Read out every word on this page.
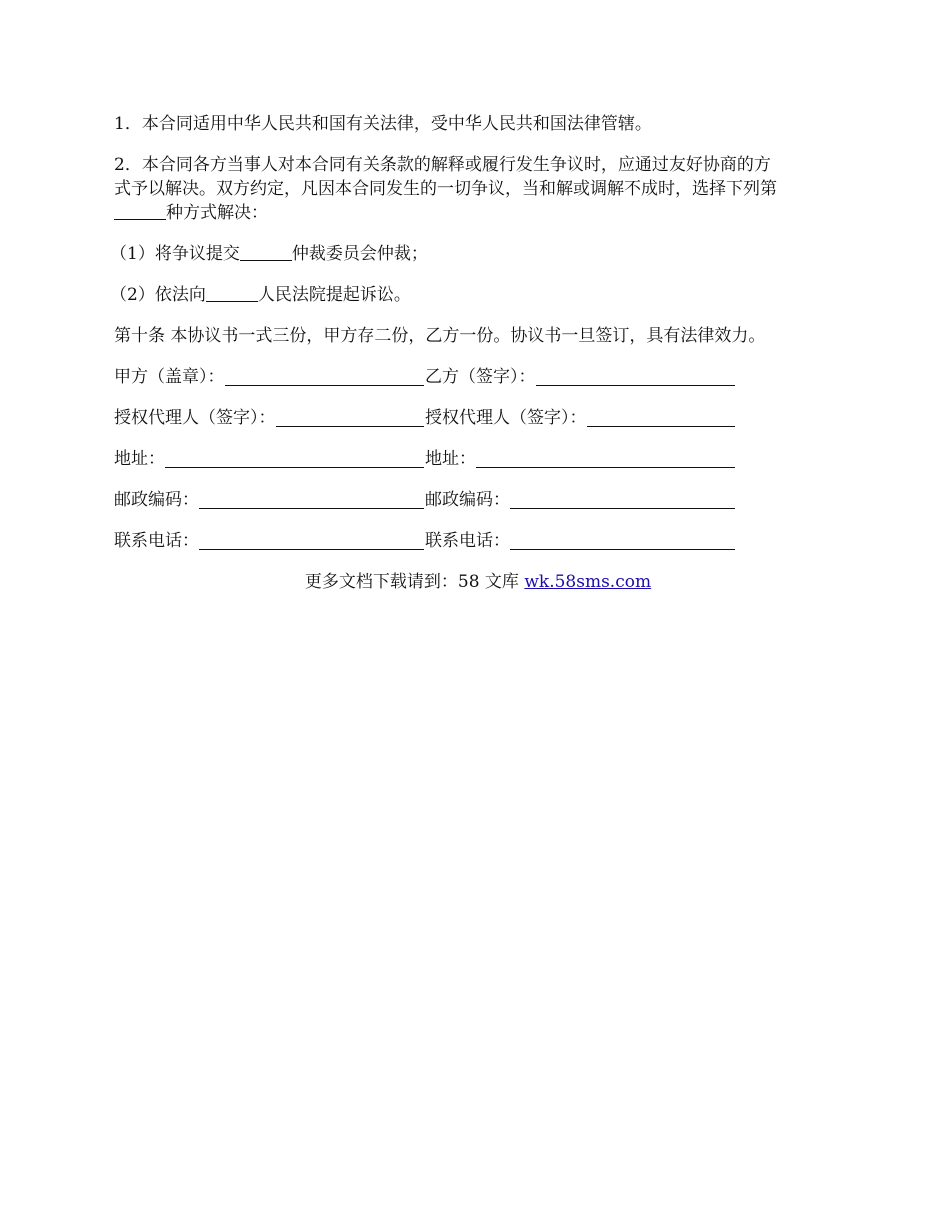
1．本合同适用中华人民共和国有关法律，受中华人民共和国法律管辖。

2．本合同各方当事人对本合同有关条款的解释或履行发生争议时，应通过友好协商的方
式予以解决。双方约定，凡因本合同发生的一切争议，当和解或调解不成时，选择下列第
种方式解决：

（1）将争议提交	仲裁委员会仲裁；

（2）依法向	人民法院提起诉讼。

第十条 本协议书一式三份，甲方存二份，乙方一份。协议书一旦签订，具有法律效力。

甲方（盖章）：	乙方（签字）：
授权代理人（签字）：	授权代理人（签字）：
地址：	地址：
邮政编码：	邮政编码：
联系电话：	联系电话：
更多文档下载请到：58 文库 wk.58sms.com
